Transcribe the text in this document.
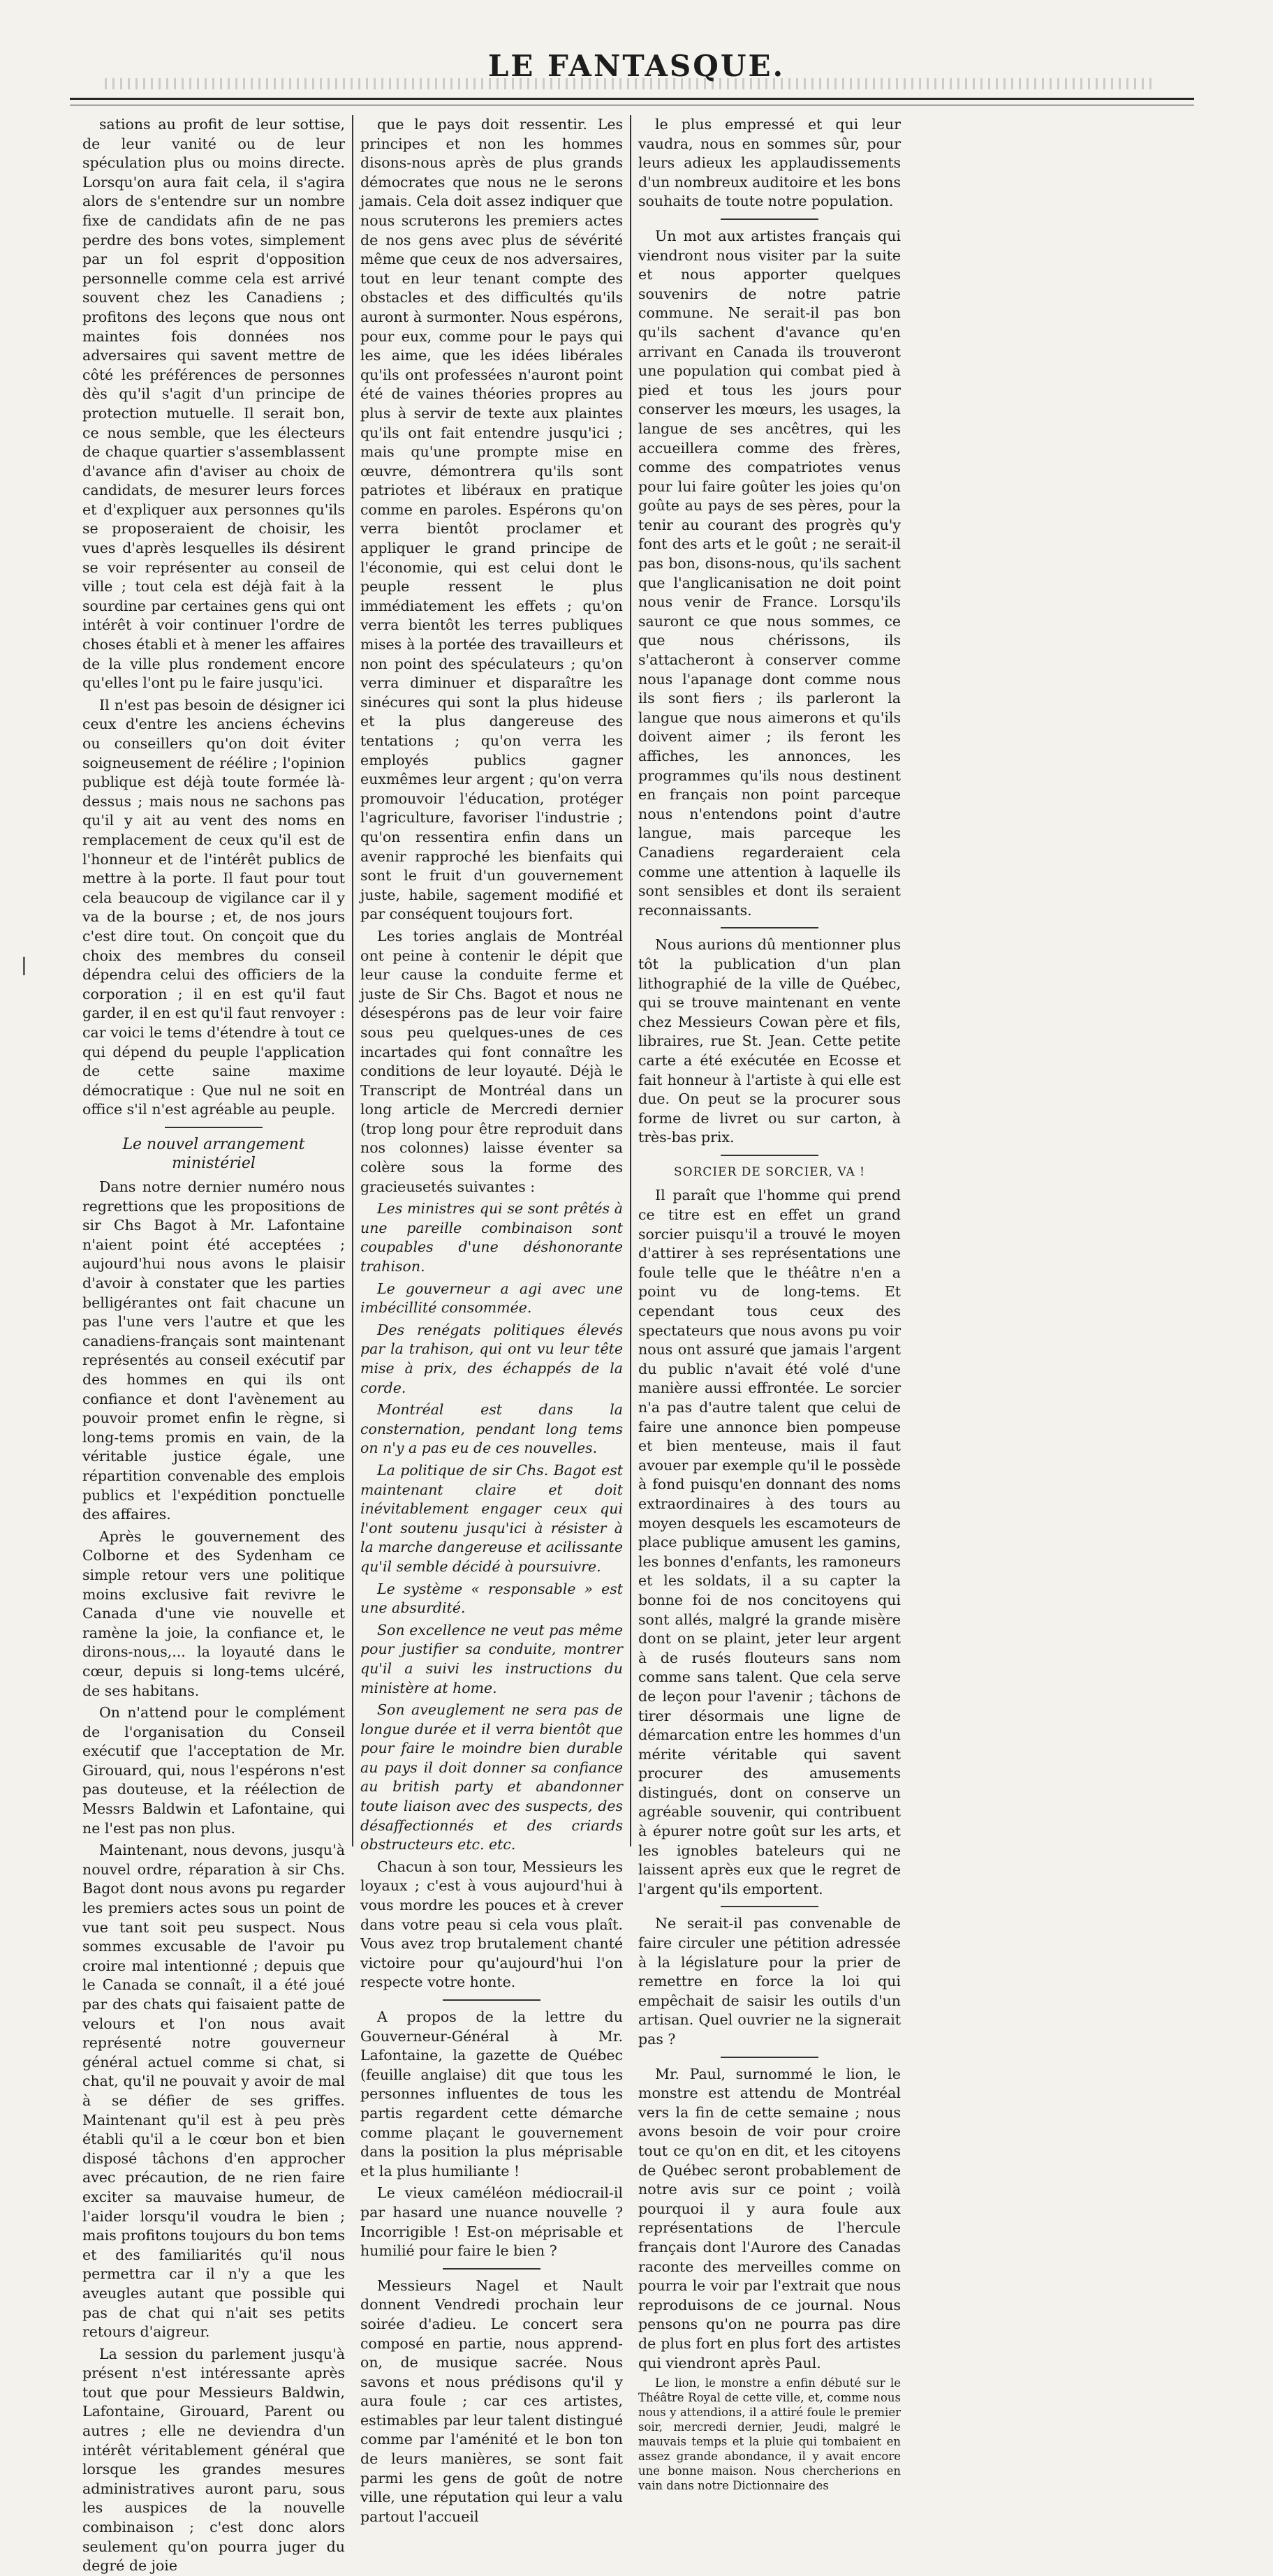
LE FANTASQUE.

sations au profit de leur sottise, de leur vanité ou de leur spéculation plus ou moins directe. Lorsqu'on aura fait cela, il s'agira alors de s'entendre sur un nombre fixe de candidats afin de ne pas perdre des bons votes, simplement par un fol esprit d'opposition personnelle comme cela est arrivé souvent chez les Canadiens ; profitons des leçons que nous ont maintes fois données nos adversaires qui savent mettre de côté les préférences de personnes dès qu'il s'agit d'un principe de protection mutuelle. Il serait bon, ce nous semble, que les électeurs de chaque quartier s'assemblassent d'avance afin d'aviser au choix de candidats, de mesurer leurs forces et d'expliquer aux personnes qu'ils se proposeraient de choisir, les vues d'après lesquelles ils désirent se voir représenter au conseil de ville ; tout cela est déjà fait à la sourdine par certaines gens qui ont intérêt à voir continuer l'ordre de choses établi et à mener les affaires de la ville plus rondement encore qu'elles l'ont pu le faire jusqu'ici.

Il n'est pas besoin de désigner ici ceux d'entre les anciens échevins ou conseillers qu'on doit éviter soigneusement de réélire ; l'opinion publique est déjà toute formée là-dessus ; mais nous ne sachons pas qu'il y ait au vent des noms en remplacement de ceux qu'il est de l'honneur et de l'intérêt publics de mettre à la porte. Il faut pour tout cela beaucoup de vigilance car il y va de la bourse ; et, de nos jours c'est dire tout. On conçoit que du choix des membres du conseil dépendra celui des officiers de la corporation ; il en est qu'il faut garder, il en est qu'il faut renvoyer : car voici le tems d'étendre à tout ce qui dépend du peuple l'application de cette saine maxime démocratique : Que nul ne soit en office s'il n'est agréable au peuple.

Le nouvel arrangement ministériel

Dans notre dernier numéro nous regrettions que les propositions de sir Chs Bagot à Mr. Lafontaine n'aient point été acceptées ; aujourd'hui nous avons le plaisir d'avoir à constater que les parties belligérantes ont fait chacune un pas l'une vers l'autre et que les canadiens-français sont maintenant représentés au conseil exécutif par des hommes en qui ils ont confiance et dont l'avènement au pouvoir promet enfin le règne, si long-tems promis en vain, de la véritable justice égale, une répartition convenable des emplois publics et l'expédition ponctuelle des affaires.

Après le gouvernement des Colborne et des Sydenham ce simple retour vers une politique moins exclusive fait revivre le Canada d'une vie nouvelle et ramène la joie, la confiance et, le dirons-nous,... la loyauté dans le cœur, depuis si long-tems ulcéré, de ses habitans.

On n'attend pour le complément de l'organisation du Conseil exécutif que l'acceptation de Mr. Girouard, qui, nous l'espérons n'est pas douteuse, et la réélection de Messrs Baldwin et Lafontaine, qui ne l'est pas non plus.

Maintenant, nous devons, jusqu'à nouvel ordre, réparation à sir Chs. Bagot dont nous avons pu regarder les premiers actes sous un point de vue tant soit peu suspect. Nous sommes excusable de l'avoir pu croire mal intentionné ; depuis que le Canada se connaît, il a été joué par des chats qui faisaient patte de velours et l'on nous avait représenté notre gouverneur général actuel comme si chat, si chat, qu'il ne pouvait y avoir de mal à se défier de ses griffes. Maintenant qu'il est à peu près établi qu'il a le cœur bon et bien disposé tâchons d'en approcher avec précaution, de ne rien faire exciter sa mauvaise humeur, de l'aider lorsqu'il voudra le bien ; mais profitons toujours du bon tems et des familiarités qu'il nous permettra car il n'y a que les aveugles autant que possible qui pas de chat qui n'ait ses petits retours d'aigreur.

La session du parlement jusqu'à présent n'est intéressante après tout que pour Messieurs Baldwin, Lafontaine, Girouard, Parent ou autres ; elle ne deviendra d'un intérêt véritablement général que lorsque les grandes mesures administratives auront paru, sous les auspices de la nouvelle combinaison ; c'est donc alors seulement qu'on pourra juger du degré de joie

que le pays doit ressentir. Les principes et non les hommes disons-nous après de plus grands démocrates que nous ne le serons jamais. Cela doit assez indiquer que nous scruterons les premiers actes de nos gens avec plus de sévérité même que ceux de nos adversaires, tout en leur tenant compte des obstacles et des difficultés qu'ils auront à surmonter. Nous espérons, pour eux, comme pour le pays qui les aime, que les idées libérales qu'ils ont professées n'auront point été de vaines théories propres au plus à servir de texte aux plaintes qu'ils ont fait entendre jusqu'ici ; mais qu'une prompte mise en œuvre, démontrera qu'ils sont patriotes et libéraux en pratique comme en paroles. Espérons qu'on verra bientôt proclamer et appliquer le grand principe de l'économie, qui est celui dont le peuple ressent le plus immédiatement les effets ; qu'on verra bientôt les terres publiques mises à la portée des travailleurs et non point des spéculateurs ; qu'on verra diminuer et disparaître les sinécures qui sont la plus hideuse et la plus dangereuse des tentations ; qu'on verra les employés publics gagner euxmêmes leur argent ; qu'on verra promouvoir l'éducation, protéger l'agriculture, favoriser l'industrie ; qu'on ressentira enfin dans un avenir rapproché les bienfaits qui sont le fruit d'un gouvernement juste, habile, sagement modifié et par conséquent toujours fort.

Les tories anglais de Montréal ont peine à contenir le dépit que leur cause la conduite ferme et juste de Sir Chs. Bagot et nous ne désespérons pas de leur voir faire sous peu quelques-unes de ces incartades qui font connaître les conditions de leur loyauté. Déjà le Transcript de Montréal dans un long article de Mercredi dernier (trop long pour être reproduit dans nos colonnes) laisse éventer sa colère sous la forme des gracieusetés suivantes :

Les ministres qui se sont prêtés à une pareille combinaison sont coupables d'une déshonorante trahison.

Le gouverneur a agi avec une imbécillité consommée.

Des renégats politiques élevés par la trahison, qui ont vu leur tête mise à prix, des échappés de la corde.

Montréal est dans la consternation, pendant long tems on n'y a pas eu de ces nouvelles.

La politique de sir Chs. Bagot est maintenant claire et doit inévitablement engager ceux qui l'ont soutenu jusqu'ici à résister à la marche dangereuse et acilissante qu'il semble décidé à poursuivre.

Le système « responsable » est une absurdité.

Son excellence ne veut pas même pour justifier sa conduite, montrer qu'il a suivi les instructions du ministère at home.

Son aveuglement ne sera pas de longue durée et il verra bientôt que pour faire le moindre bien durable au pays il doit donner sa confiance au british party et abandonner toute liaison avec des suspects, des désaffectionnés et des criards obstructeurs etc. etc.

Chacun à son tour, Messieurs les loyaux ; c'est à vous aujourd'hui à vous mordre les pouces et à crever dans votre peau si cela vous plaît. Vous avez trop brutalement chanté victoire pour qu'aujourd'hui l'on respecte votre honte.

A propos de la lettre du Gouverneur-Général à Mr. Lafontaine, la gazette de Québec (feuille anglaise) dit que tous les personnes influentes de tous les partis regardent cette démarche comme plaçant le gouvernement dans la position la plus méprisable et la plus humiliante !

Le vieux caméléon médiocrail-il par hasard une nuance nouvelle ? Incorrigible ! Est-on méprisable et humilié pour faire le bien ?

Messieurs Nagel et Nault donnent Vendredi prochain leur soirée d'adieu. Le concert sera composé en partie, nous apprend-on, de musique sacrée. Nous savons et nous prédisons qu'il y aura foule ; car ces artistes, estimables par leur talent distingué comme par l'aménité et le bon ton de leurs manières, se sont fait parmi les gens de goût de notre ville, une réputation qui leur a valu partout l'accueil

le plus empressé et qui leur vaudra, nous en sommes sûr, pour leurs adieux les applaudissements d'un nombreux auditoire et les bons souhaits de toute notre population.

Un mot aux artistes français qui viendront nous visiter par la suite et nous apporter quelques souvenirs de notre patrie commune. Ne serait-il pas bon qu'ils sachent d'avance qu'en arrivant en Canada ils trouveront une population qui combat pied à pied et tous les jours pour conserver les mœurs, les usages, la langue de ses ancêtres, qui les accueillera comme des frères, comme des compatriotes venus pour lui faire goûter les joies qu'on goûte au pays de ses pères, pour la tenir au courant des progrès qu'y font des arts et le goût ; ne serait-il pas bon, disons-nous, qu'ils sachent que l'anglicanisation ne doit point nous venir de France. Lorsqu'ils sauront ce que nous sommes, ce que nous chérissons, ils s'attacheront à conserver comme nous l'apanage dont comme nous ils sont fiers ; ils parleront la langue que nous aimerons et qu'ils doivent aimer ; ils feront les affiches, les annonces, les programmes qu'ils nous destinent en français non point parceque nous n'entendons point d'autre langue, mais parceque les Canadiens regarderaient cela comme une attention à laquelle ils sont sensibles et dont ils seraient reconnaissants.

Nous aurions dû mentionner plus tôt la publication d'un plan lithographié de la ville de Québec, qui se trouve maintenant en vente chez Messieurs Cowan père et fils, libraires, rue St. Jean. Cette petite carte a été exécutée en Ecosse et fait honneur à l'artiste à qui elle est due. On peut se la procurer sous forme de livret ou sur carton, à très-bas prix.

SORCIER DE SORCIER, VA !

Il paraît que l'homme qui prend ce titre est en effet un grand sorcier puisqu'il a trouvé le moyen d'attirer à ses représentations une foule telle que le théâtre n'en a point vu de long-tems. Et cependant tous ceux des spectateurs que nous avons pu voir nous ont assuré que jamais l'argent du public n'avait été volé d'une manière aussi effrontée. Le sorcier n'a pas d'autre talent que celui de faire une annonce bien pompeuse et bien menteuse, mais il faut avouer par exemple qu'il le possède à fond puisqu'en donnant des noms extraordinaires à des tours au moyen desquels les escamoteurs de place publique amusent les gamins, les bonnes d'enfants, les ramoneurs et les soldats, il a su capter la bonne foi de nos concitoyens qui sont allés, malgré la grande misère dont on se plaint, jeter leur argent à de rusés flouteurs sans nom comme sans talent. Que cela serve de leçon pour l'avenir ; tâchons de tirer désormais une ligne de démarcation entre les hommes d'un mérite véritable qui savent procurer des amusements distingués, dont on conserve un agréable souvenir, qui contribuent à épurer notre goût sur les arts, et les ignobles bateleurs qui ne laissent après eux que le regret de l'argent qu'ils emportent.

Ne serait-il pas convenable de faire circuler une pétition adressée à la législature pour la prier de remettre en force la loi qui empêchait de saisir les outils d'un artisan. Quel ouvrier ne la signerait pas ?

Mr. Paul, surnommé le lion, le monstre est attendu de Montréal vers la fin de cette semaine ; nous avons besoin de voir pour croire tout ce qu'on en dit, et les citoyens de Québec seront probablement de notre avis sur ce point ; voilà pourquoi il y aura foule aux représentations de l'hercule français dont l'Aurore des Canadas raconte des merveilles comme on pourra le voir par l'extrait que nous reproduisons de ce journal. Nous pensons qu'on ne pourra pas dire de plus fort en plus fort des artistes qui viendront après Paul.

Le lion, le monstre a enfin débuté sur le Théâtre Royal de cette ville, et, comme nous nous y attendions, il a attiré foule le premier soir, mercredi dernier, Jeudi, malgré le mauvais temps et la pluie qui tombaient en assez grande abondance, il y avait encore une bonne maison. Nous chercherions en vain dans notre Dictionnaire des

|
